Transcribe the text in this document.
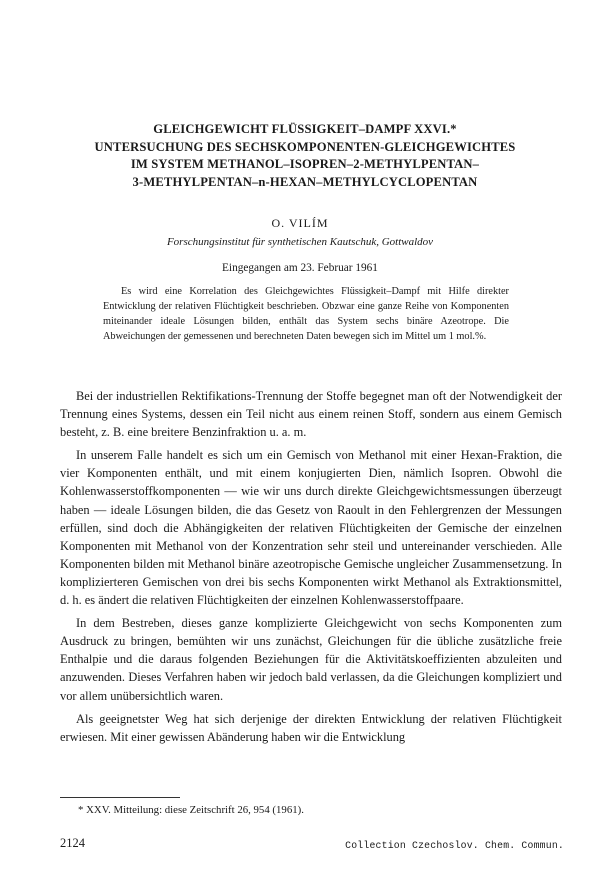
GLEICHGEWICHT FLÜSSIGKEIT–DAMPF XXVI.*
UNTERSUCHUNG DES SECHSKOMPONENTEN-GLEICHGEWICHTES
IM SYSTEM METHANOL–ISOPREN–2-METHYLPENTAN–
3-METHYLPENTAN–n-HEXAN–METHYLCYCLOPENTAN
O. VILÍM
Forschungsinstitut für synthetischen Kautschuk, Gottwaldov
Eingegangen am 23. Februar 1961
Es wird eine Korrelation des Gleichgewichtes Flüssigkeit–Dampf mit Hilfe direkter Entwicklung der relativen Flüchtigkeit beschrieben. Obzwar eine ganze Reihe von Komponenten miteinander ideale Lösungen bilden, enthält das System sechs binäre Azeotrope. Die Abweichungen der gemessenen und berechneten Daten bewegen sich im Mittel um 1 mol.%.

Bei der industriellen Rektifikations-Trennung der Stoffe begegnet man oft der Notwendigkeit der Trennung eines Systems, dessen ein Teil nicht aus einem reinen Stoff, sondern aus einem Gemisch besteht, z. B. eine breitere Benzinfraktion u. a. m.

In unserem Falle handelt es sich um ein Gemisch von Methanol mit einer Hexan-Fraktion, die vier Komponenten enthält, und mit einem konjugierten Dien, nämlich Isopren. Obwohl die Kohlenwasserstoffkomponenten — wie wir uns durch direkte Gleichgewichtsmessungen überzeugt haben — ideale Lösungen bilden, die das Gesetz von Raoult in den Fehlergrenzen der Messungen erfüllen, sind doch die Abhängigkeiten der relativen Flüchtigkeiten der Gemische der einzelnen Komponenten mit Methanol von der Konzentration sehr steil und untereinander verschieden. Alle Komponenten bilden mit Methanol binäre azeotropische Gemische ungleicher Zusammensetzung. In komplizierteren Gemischen von drei bis sechs Komponenten wirkt Methanol als Extraktionsmittel, d. h. es ändert die relativen Flüchtigkeiten der einzelnen Kohlenwasserstoffpaare.

In dem Bestreben, dieses ganze komplizierte Gleichgewicht von sechs Komponenten zum Ausdruck zu bringen, bemühten wir uns zunächst, Gleichungen für die übliche zusätzliche freie Enthalpie und die daraus folgenden Beziehungen für die Aktivitätskoeffizienten abzuleiten und anzuwenden. Dieses Verfahren haben wir jedoch bald verlassen, da die Gleichungen kompliziert und vor allem unübersichtlich waren.

Als geeignetster Weg hat sich derjenige der direkten Entwicklung der relativen Flüchtigkeit erwiesen. Mit einer gewissen Abänderung haben wir die Entwicklung

* XXV. Mitteilung: diese Zeitschrift 26, 954 (1961).
2124	Collection Czechoslov. Chem. Commun.
